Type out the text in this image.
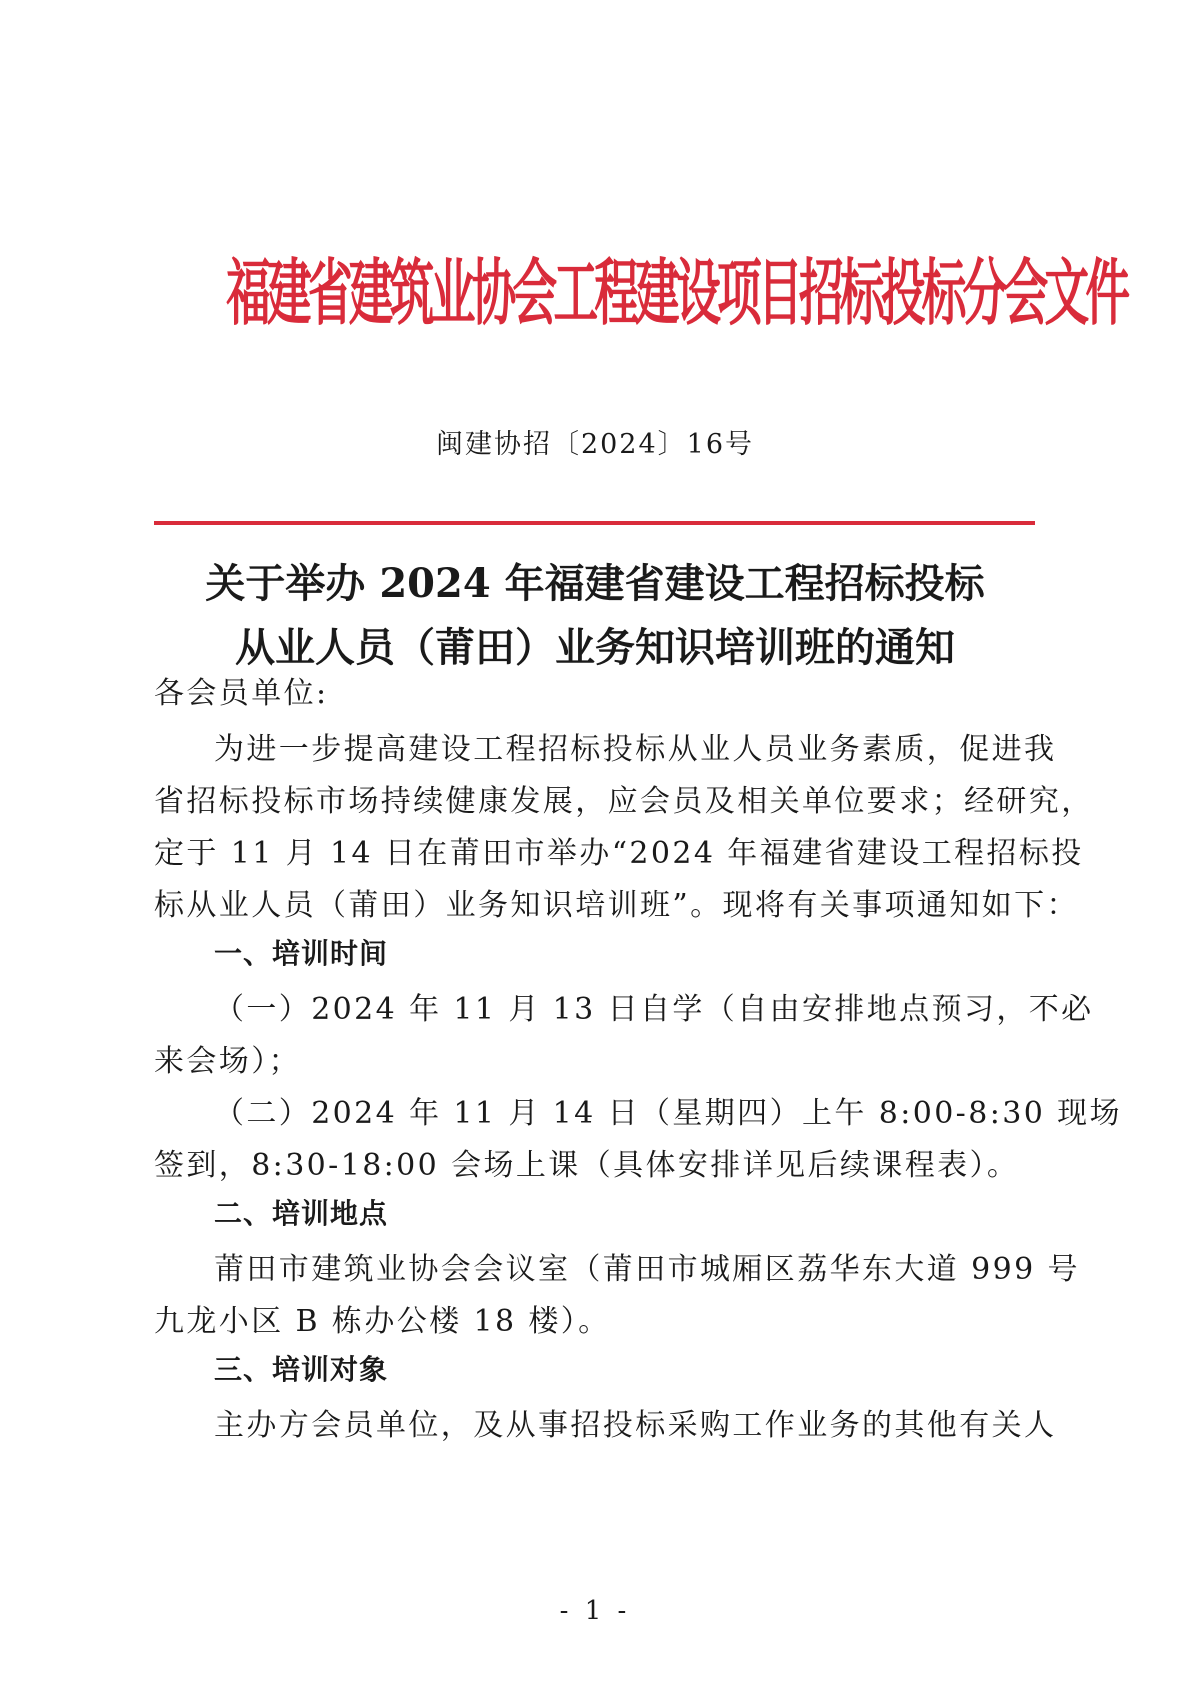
福建省建筑业协会工程建设项目招标投标分会文件
闽建协招〔2024〕16号
关于举办 2024 年福建省建设工程招标投标
从业人员（莆田）业务知识培训班的通知
各会员单位:
为进一步提高建设工程招标投标从业人员业务素质，促进我
省招标投标市场持续健康发展，应会员及相关单位要求；经研究，
定于 11 月 14 日在莆田市举办“2024 年福建省建设工程招标投
标从业人员（莆田）业务知识培训班”。现将有关事项通知如下：
一、培训时间
（一）2024 年 11 月 13 日自学（自由安排地点预习，不必
来会场）；
（二）2024 年 11 月 14 日（星期四）上午 8:00-8:30 现场
签到，8:30-18:00 会场上课（具体安排详见后续课程表）。
二、培训地点
莆田市建筑业协会会议室（莆田市城厢区荔华东大道 999 号
九龙小区 B 栋办公楼 18 楼）。
三、培训对象
主办方会员单位，及从事招投标采购工作业务的其他有关人
- 1 -
